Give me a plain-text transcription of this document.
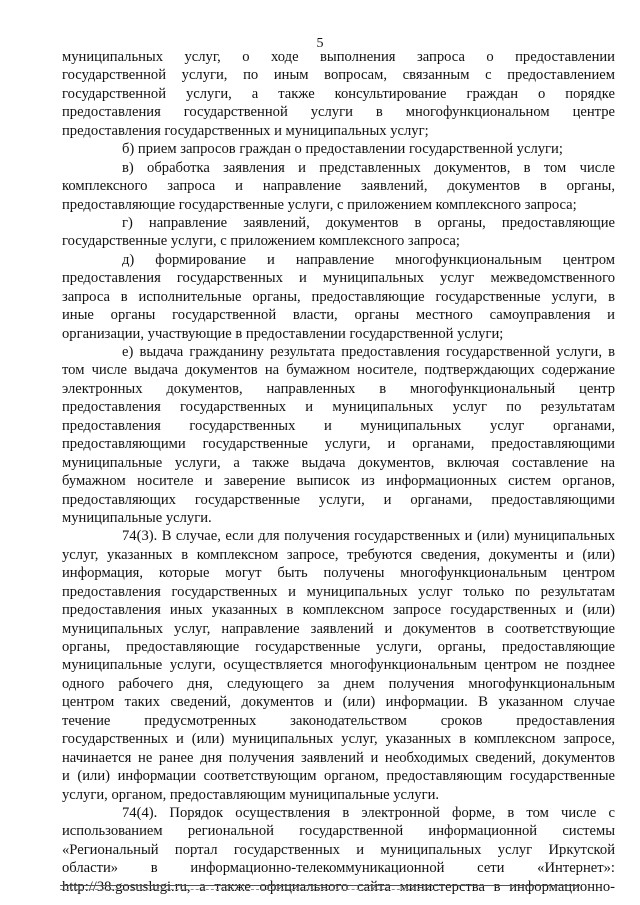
5
муниципальных услуг, о ходе выполнения запроса о предоставлении
государственной услуги, по иным вопросам, связанным с предоставлением
государственной услуги, а также консультирование граждан о порядке
предоставления государственной услуги в многофункциональном центре
предоставления государственных и муниципальных услуг;
б) прием запросов граждан о предоставлении государственной услуги;
в) обработка заявления и представленных документов, в том числе
комплексного запроса и направление заявлений, документов в органы,
предоставляющие государственные услуги, с приложением комплексного запроса;
г) направление заявлений, документов в органы, предоставляющие
государственные услуги, с приложением комплексного запроса;
д) формирование и направление многофункциональным центром
предоставления государственных и муниципальных услуг межведомственного
запроса в исполнительные органы, предоставляющие государственные услуги, в
иные органы государственной власти, органы местного самоуправления и
организации, участвующие в предоставлении государственной услуги;
е) выдача гражданину результата предоставления государственной услуги, в
том числе выдача документов на бумажном носителе, подтверждающих содержание
электронных документов, направленных в многофункциональный центр
предоставления государственных и муниципальных услуг по результатам
предоставления государственных и муниципальных услуг органами,
предоставляющими государственные услуги, и органами, предоставляющими
муниципальные услуги, а также выдача документов, включая составление на
бумажном носителе и заверение выписок из информационных систем органов,
предоставляющих государственные услуги, и органами, предоставляющими
муниципальные услуги.
74(3). В случае, если для получения государственных и (или) муниципальных
услуг, указанных в комплексном запросе, требуются сведения, документы и (или)
информация, которые могут быть получены многофункциональным центром
предоставления государственных и муниципальных услуг только по результатам
предоставления иных указанных в комплексном запросе государственных и (или)
муниципальных услуг, направление заявлений и документов в соответствующие
органы, предоставляющие государственные услуги, органы, предоставляющие
муниципальные услуги, осуществляется многофункциональным центром не позднее
одного рабочего дня, следующего за днем получения многофункциональным
центром таких сведений, документов и (или) информации. В указанном случае
течение предусмотренных законодательством сроков предоставления
государственных и (или) муниципальных услуг, указанных в комплексном запросе,
начинается не ранее дня получения заявлений и необходимых сведений, документов
и (или) информации соответствующим органом, предоставляющим государственные
услуги, органом, предоставляющим муниципальные услуги.
74(4). Порядок осуществления в электронной форме, в том числе с
использованием региональной государственной информационной системы
«Региональный портал государственных и муниципальных услуг Иркутской
области» в информационно-телекоммуникационной сети «Интернет»:
http://38.gosuslugi.ru, а также официального сайта министерства в информационно-
